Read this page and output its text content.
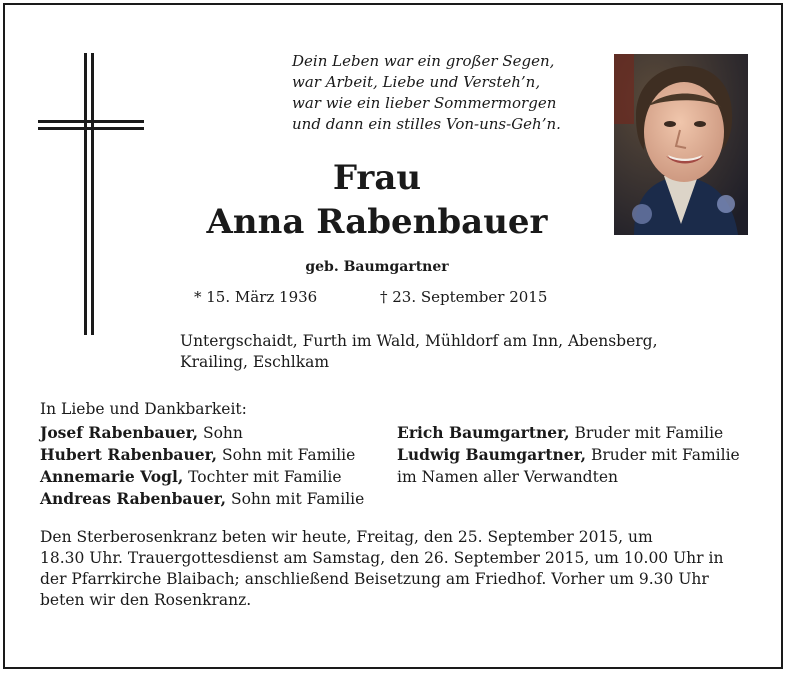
Dein Leben war ein großer Segen,
war Arbeit, Liebe und Versteh’n,
war wie ein lieber Sommermorgen
und dann ein stilles Von-uns-Geh’n.
Frau
Anna Rabenbauer
geb. Baumgartner
* 15. März 1936	† 23. September 2015
Untergschaidt, Furth im Wald, Mühldorf am Inn, Abensberg,
Krailing, Eschlkam
In Liebe und Dankbarkeit:
Josef Rabenbauer, Sohn
Hubert Rabenbauer, Sohn mit Familie
Annemarie Vogl, Tochter mit Familie
Andreas Rabenbauer, Sohn mit Familie
Erich Baumgartner, Bruder mit Familie
Ludwig Baumgartner, Bruder mit Familie
im Namen aller Verwandten
Den Sterberosenkranz beten wir heute, Freitag, den 25. September 2015, um
18.30 Uhr. Trauergottesdienst am Samstag, den 26. September 2015, um 10.00 Uhr in
der Pfarrkirche Blaibach; anschließend Beisetzung am Friedhof. Vorher um 9.30 Uhr
beten wir den Rosenkranz.
